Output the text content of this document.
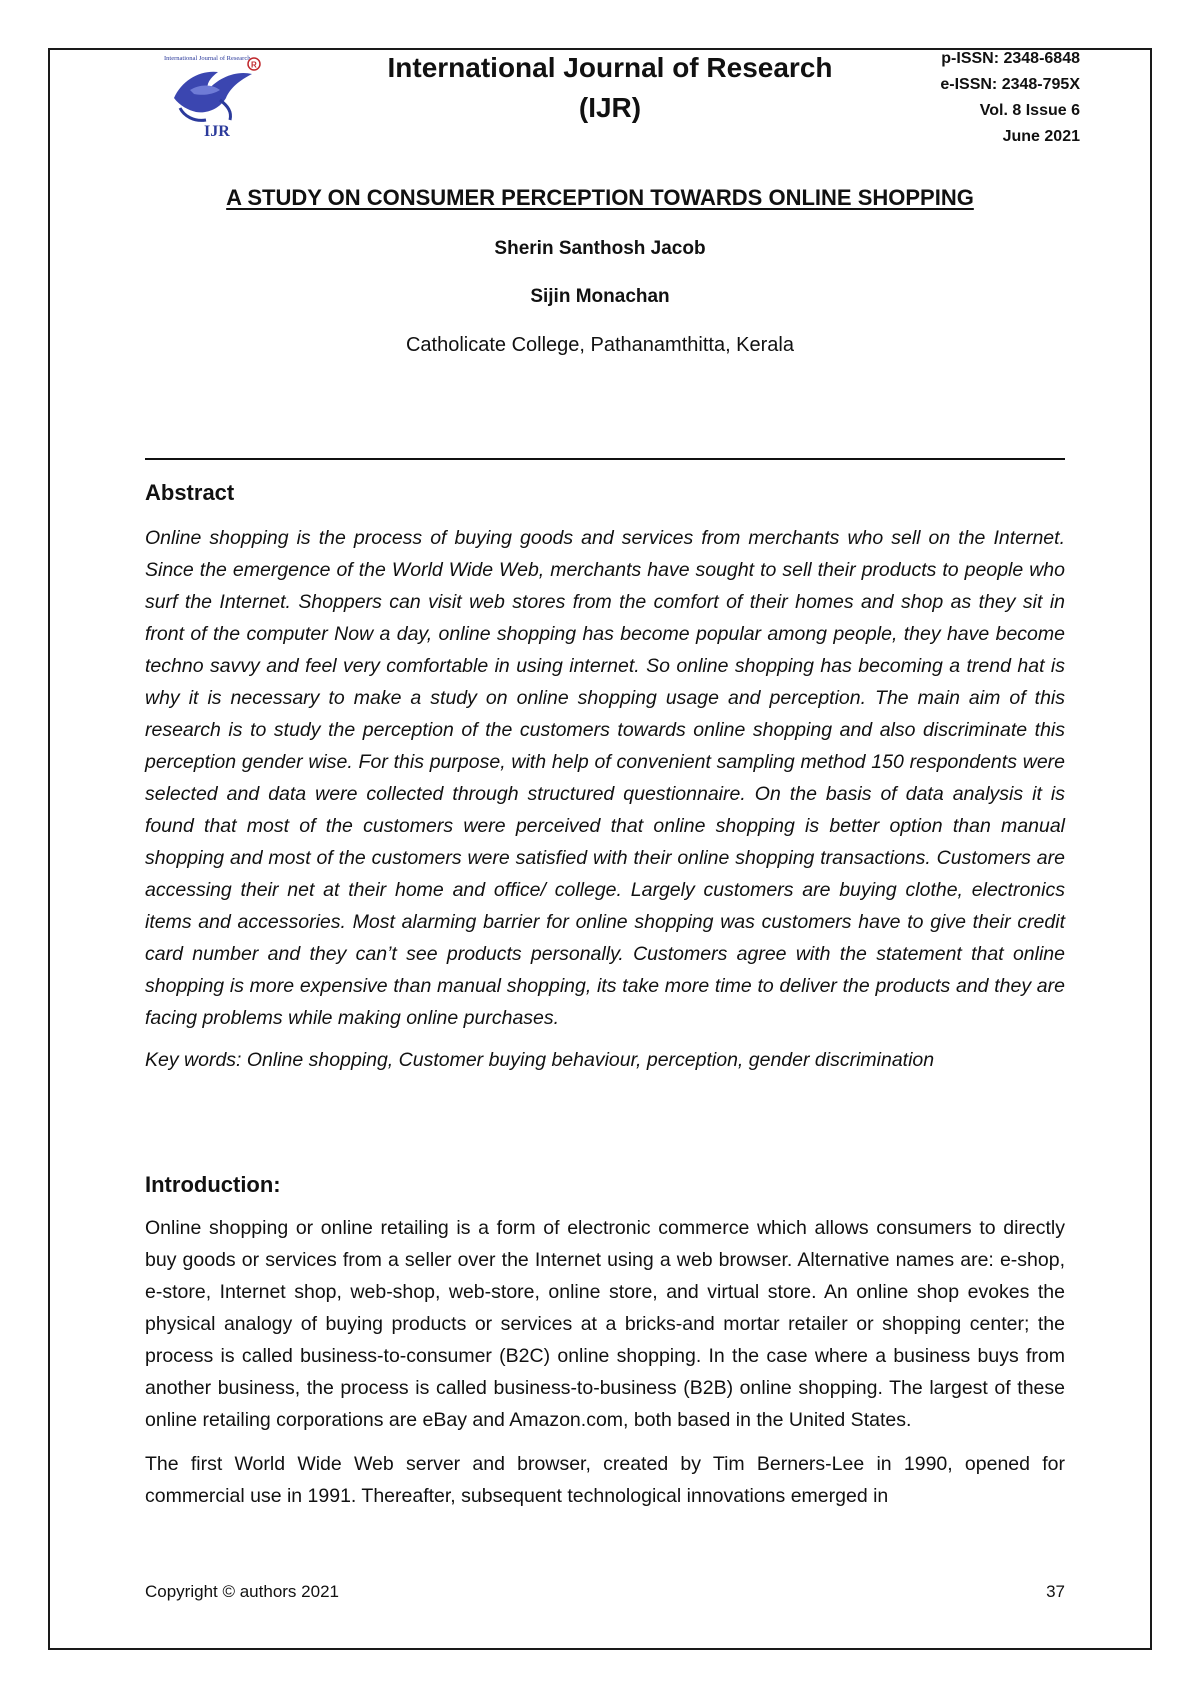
International Journal of Research
R
IJR
International Journal of Research
(IJR)
p-ISSN: 2348-6848
e-ISSN: 2348-795X
Vol. 8 Issue 6
June 2021
A STUDY ON CONSUMER PERCEPTION TOWARDS ONLINE SHOPPING
Sherin Santhosh Jacob
Sijin Monachan
Catholicate College, Pathanamthitta, Kerala
Abstract

Online shopping is the process of buying goods and services from merchants who sell on the Internet. Since the emergence of the World Wide Web, merchants have sought to sell their products to people who surf the Internet. Shoppers can visit web stores from the comfort of their homes and shop as they sit in front of the computer Now a day, online shopping has become popular among people, they have become techno savvy and feel very comfortable in using internet. So online shopping has becoming a trend hat is why it is necessary to make a study on online shopping usage and perception. The main aim of this research is to study the perception of the customers towards online shopping and also discriminate this perception gender wise. For this purpose, with help of convenient sampling method 150 respondents were selected and data were collected through structured questionnaire. On the basis of data analysis it is found that most of the customers were perceived that online shopping is better option than manual shopping and most of the customers were satisfied with their online shopping transactions. Customers are accessing their net at their home and office/ college. Largely customers are buying clothe, electronics items and accessories. Most alarming barrier for online shopping was customers have to give their credit card number and they can’t see products personally. Customers agree with the statement that online shopping is more expensive than manual shopping, its take more time to deliver the products and they are facing problems while making online purchases.

Key words: Online shopping, Customer buying behaviour, perception, gender discrimination

Introduction:

Online shopping or online retailing is a form of electronic commerce which allows consumers to directly buy goods or services from a seller over the Internet using a web browser. Alternative names are: e-shop, e-store, Internet shop, web-shop, web-store, online store, and virtual store. An online shop evokes the physical analogy of buying products or services at a bricks-and mortar retailer or shopping center; the process is called business-to-consumer (B2C) online shopping. In the case where a business buys from another business, the process is called business-to-business (B2B) online shopping. The largest of these online retailing corporations are eBay and Amazon.com, both based in the United States.

The first World Wide Web server and browser, created by Tim Berners-Lee in 1990, opened for commercial use in 1991. Thereafter, subsequent technological innovations emerged in

Copyright © authors 2021	37
